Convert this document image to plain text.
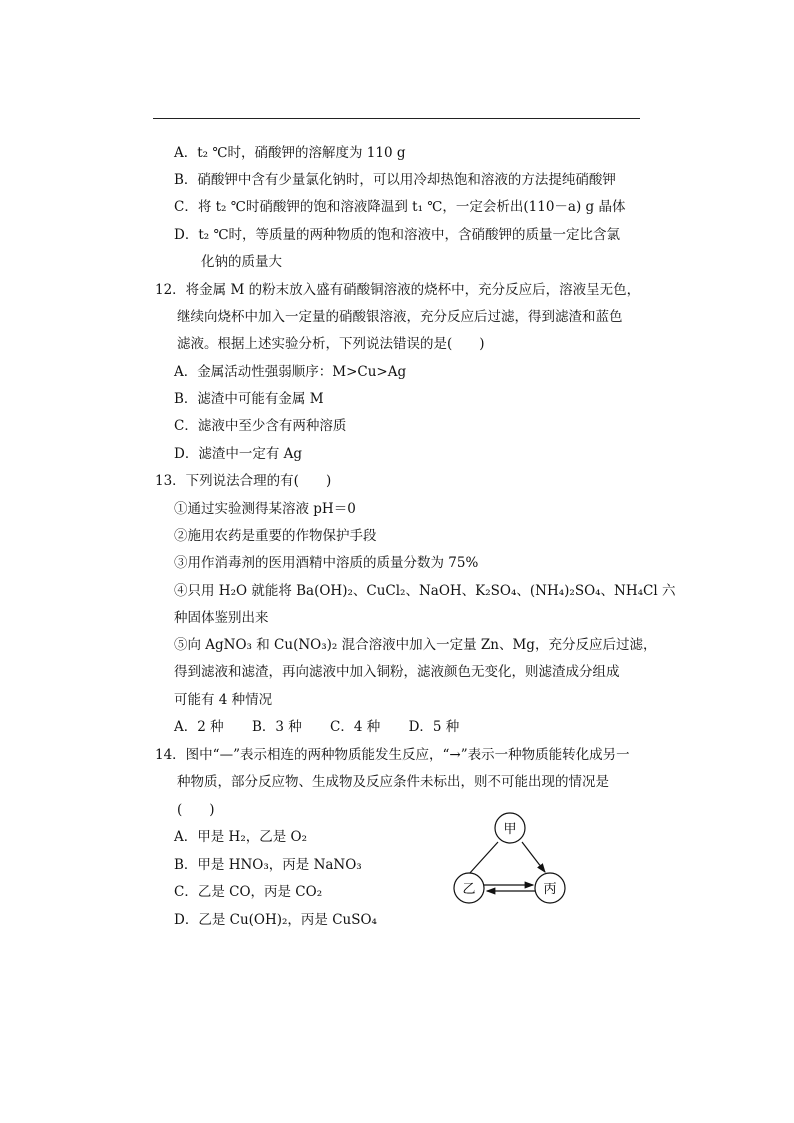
A．t₂ ℃时，硝酸钾的溶解度为 110 g
B．硝酸钾中含有少量氯化钠时，可以用冷却热饱和溶液的方法提纯硝酸钾
C．将 t₂ ℃时硝酸钾的饱和溶液降温到 t₁ ℃，一定会析出(110－a) g 晶体
D．t₂ ℃时，等质量的两种物质的饱和溶液中，含硝酸钾的质量一定比含氯
化钠的质量大
12．将金属 M 的粉末放入盛有硝酸铜溶液的烧杯中，充分反应后，溶液呈无色，
继续向烧杯中加入一定量的硝酸银溶液，充分反应后过滤，得到滤渣和蓝色
滤液。根据上述实验分析，下列说法错误的是(　　)
A．金属活动性强弱顺序：M>Cu>Ag
B．滤渣中可能有金属 M
C．滤液中至少含有两种溶质
D．滤渣中一定有 Ag
13．下列说法合理的有(　　)
①通过实验测得某溶液 pH＝0
②施用农药是重要的作物保护手段
③用作消毒剂的医用酒精中溶质的质量分数为 75%
④只用 H₂O 就能将 Ba(OH)₂、CuCl₂、NaOH、K₂SO₄、(NH₄)₂SO₄、NH₄Cl 六
种固体鉴别出来
⑤向 AgNO₃ 和 Cu(NO₃)₂ 混合溶液中加入一定量 Zn、Mg，充分反应后过滤，
得到滤液和滤渣，再向滤液中加入铜粉，滤液颜色无变化，则滤渣成分组成
可能有 4 种情况
A．2 种 B．3 种 C．4 种 D．5 种
14．图中“—”表示相连的两种物质能发生反应，“→”表示一种物质能转化成另一
种物质，部分反应物、生成物及反应条件未标出，则不可能出现的情况是
(　　)
A．甲是 H₂，乙是 O₂
B．甲是 HNO₃，丙是 NaNO₃
C．乙是 CO，丙是 CO₂
D．乙是 Cu(OH)₂，丙是 CuSO₄
甲
乙	丙
